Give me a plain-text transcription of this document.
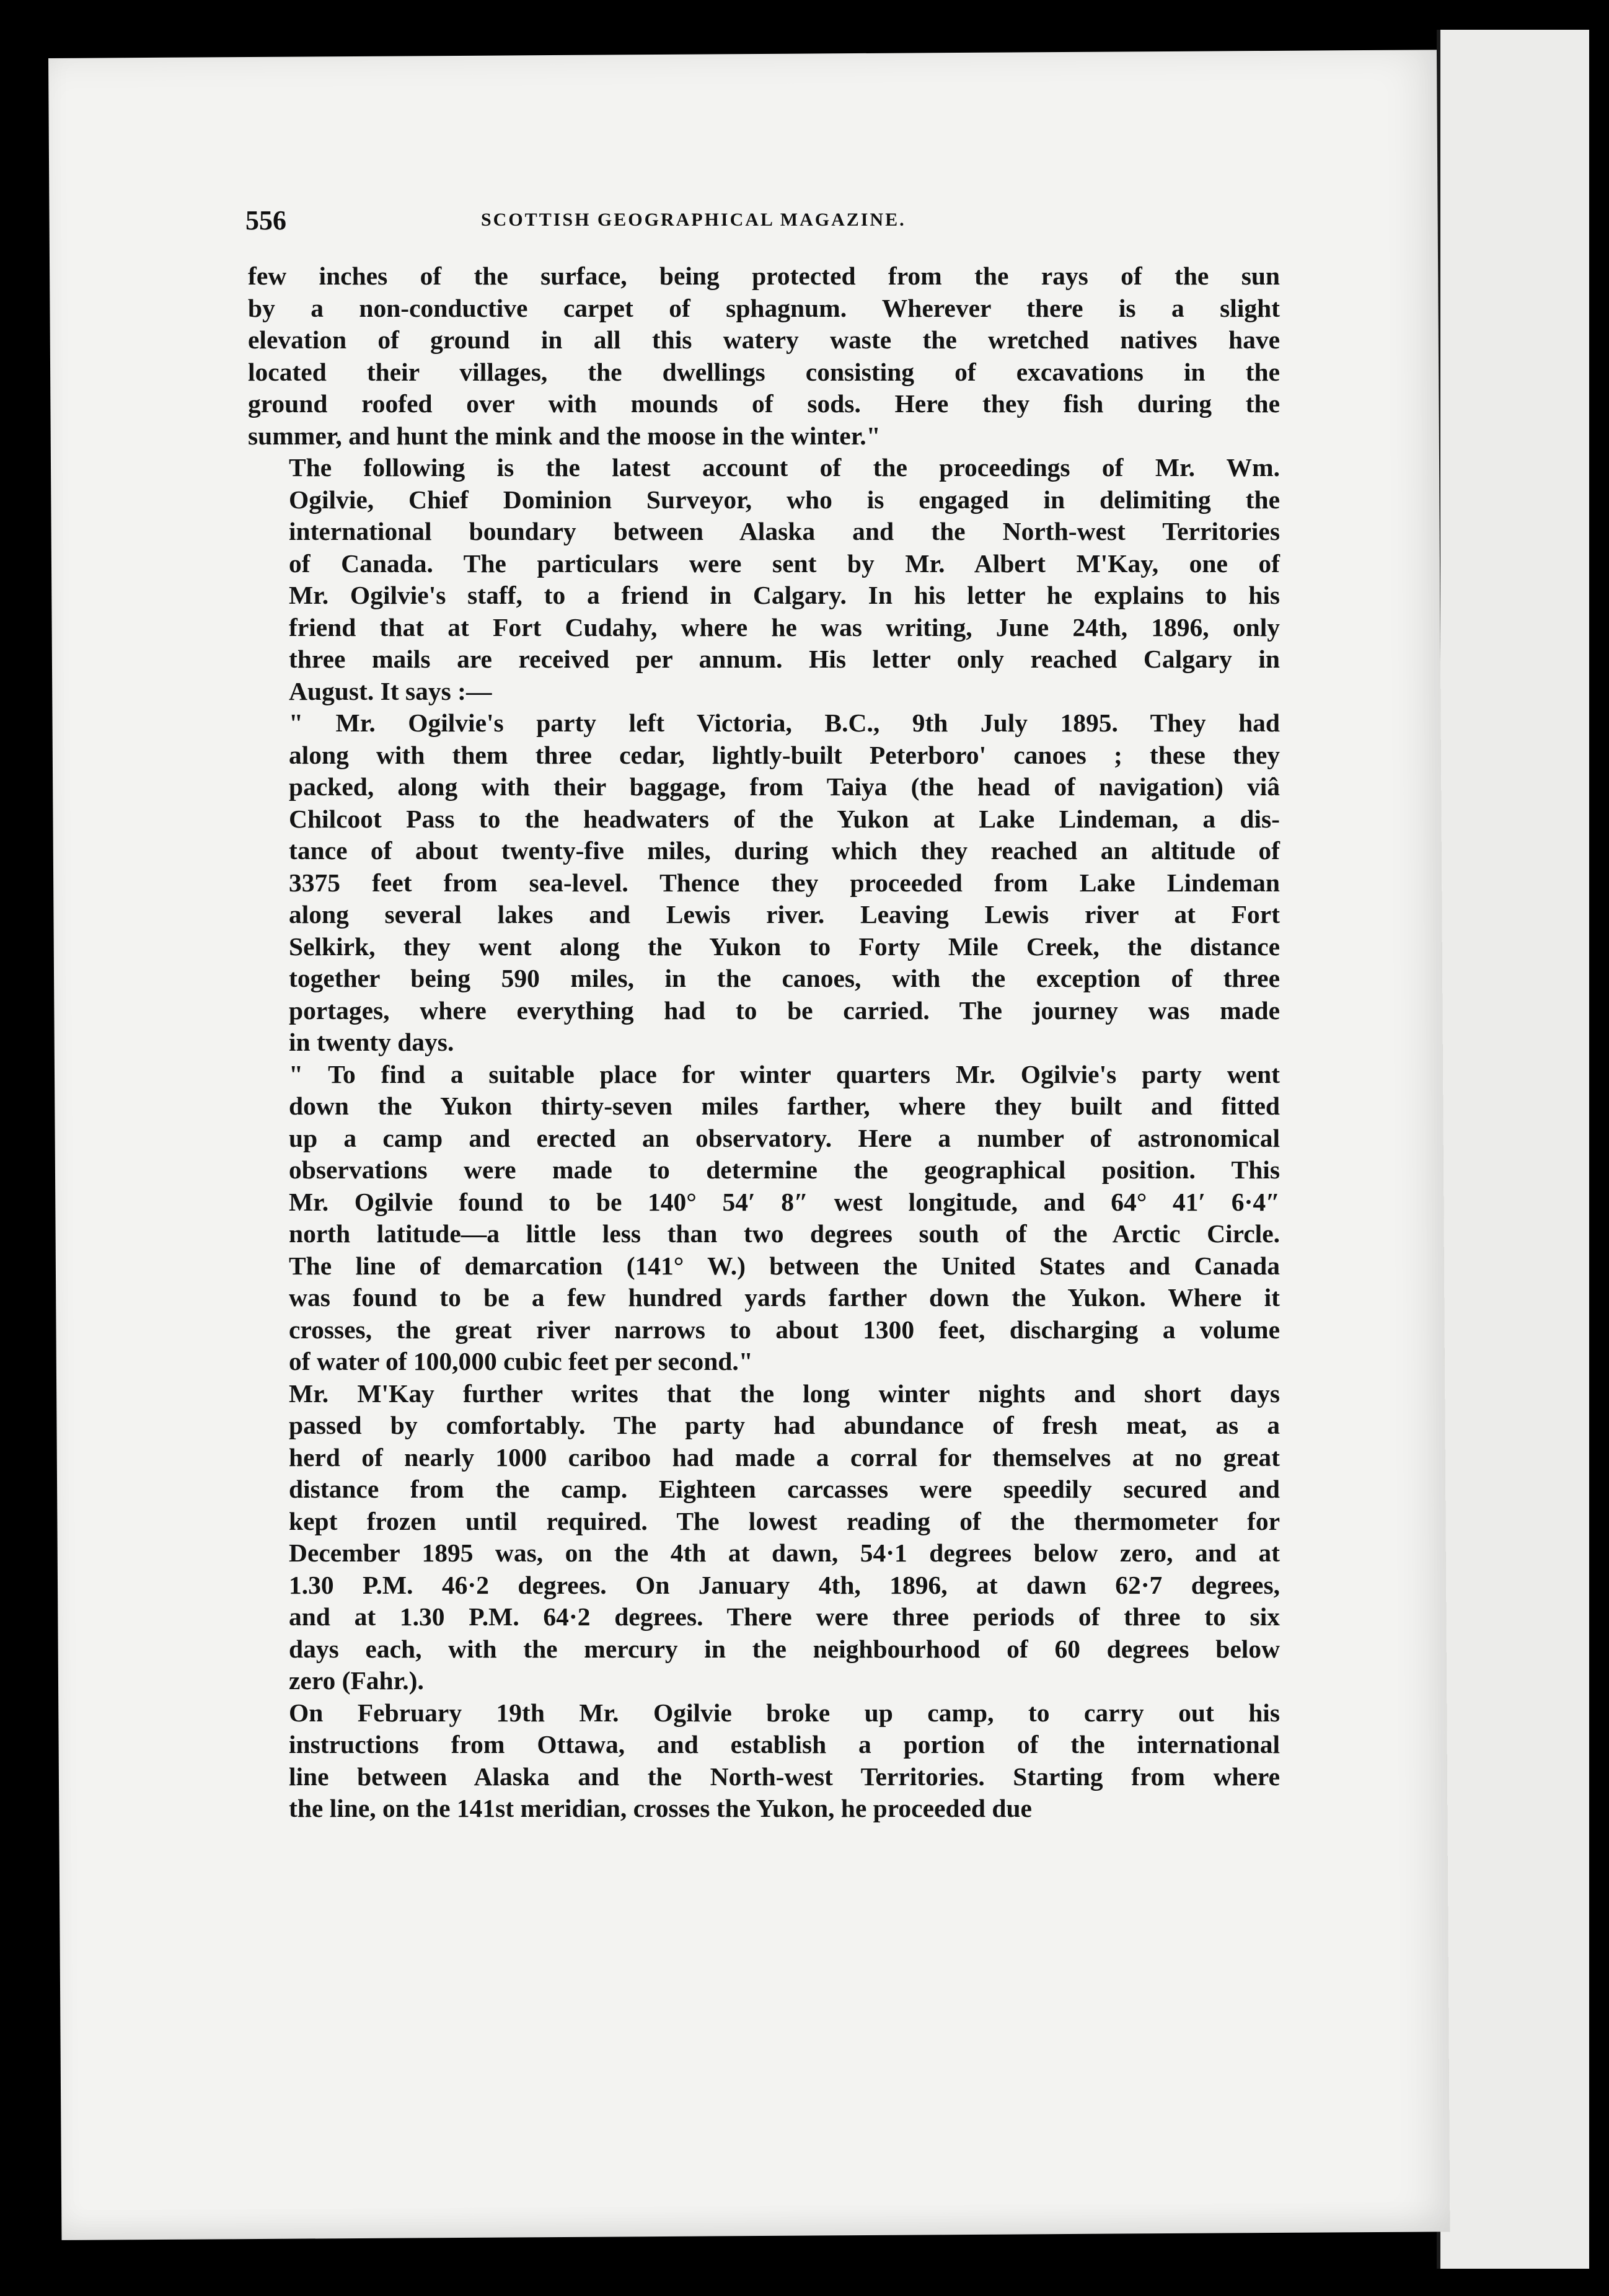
556	SCOTTISH GEOGRAPHICAL MAGAZINE.

few inches of the surface, being protected from the rays of the sun
by a non-conductive carpet of sphagnum. Wherever there is a slight
elevation of ground in all this watery waste the wretched natives have
located their villages, the dwellings consisting of excavations in the
ground roofed over with mounds of sods. Here they fish during the
summer, and hunt the mink and the moose in the winter."

The following is the latest account of the proceedings of Mr. Wm.
Ogilvie, Chief Dominion Surveyor, who is engaged in delimiting the
international boundary between Alaska and the North-west Territories
of Canada. The particulars were sent by Mr. Albert M'Kay, one of
Mr. Ogilvie's staff, to a friend in Calgary. In his letter he explains to his
friend that at Fort Cudahy, where he was writing, June 24th, 1896, only
three mails are received per annum. His letter only reached Calgary in
August. It says :—

" Mr. Ogilvie's party left Victoria, B.C., 9th July 1895. They had
along with them three cedar, lightly-built Peterboro' canoes ; these they
packed, along with their baggage, from Taiya (the head of navigation) viâ
Chilcoot Pass to the headwaters of the Yukon at Lake Lindeman, a dis-
tance of about twenty-five miles, during which they reached an altitude of
3375 feet from sea-level. Thence they proceeded from Lake Lindeman
along several lakes and Lewis river. Leaving Lewis river at Fort
Selkirk, they went along the Yukon to Forty Mile Creek, the distance
together being 590 miles, in the canoes, with the exception of three
portages, where everything had to be carried. The journey was made
in twenty days.

" To find a suitable place for winter quarters Mr. Ogilvie's party went
down the Yukon thirty-seven miles farther, where they built and fitted
up a camp and erected an observatory. Here a number of astronomical
observations were made to determine the geographical position. This
Mr. Ogilvie found to be 140° 54′ 8″ west longitude, and 64° 41′ 6·4″
north latitude—a little less than two degrees south of the Arctic Circle.
The line of demarcation (141° W.) between the United States and Canada
was found to be a few hundred yards farther down the Yukon. Where it
crosses, the great river narrows to about 1300 feet, discharging a volume
of water of 100,000 cubic feet per second."

Mr. M'Kay further writes that the long winter nights and short days
passed by comfortably. The party had abundance of fresh meat, as a
herd of nearly 1000 cariboo had made a corral for themselves at no great
distance from the camp. Eighteen carcasses were speedily secured and
kept frozen until required. The lowest reading of the thermometer for
December 1895 was, on the 4th at dawn, 54·1 degrees below zero, and at
1.30 P.M. 46·2 degrees. On January 4th, 1896, at dawn 62·7 degrees,
and at 1.30 P.M. 64·2 degrees. There were three periods of three to six
days each, with the mercury in the neighbourhood of 60 degrees below
zero (Fahr.).

On February 19th Mr. Ogilvie broke up camp, to carry out his
instructions from Ottawa, and establish a portion of the international
line between Alaska and the North-west Territories. Starting from where
the line, on the 141st meridian, crosses the Yukon, he proceeded due
